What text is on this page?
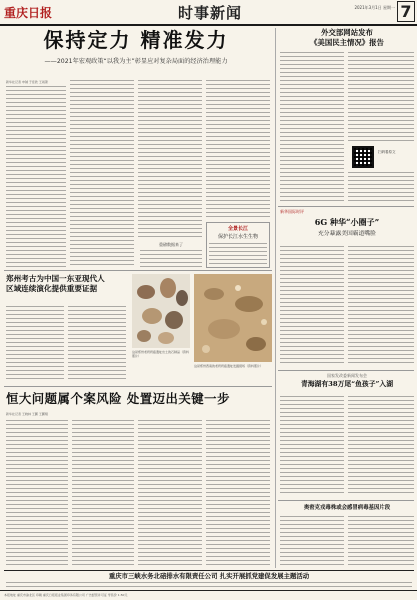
重庆日报	时事新闻	2021年3月1日 星期一 7
保持定力 精准发力
——2021年宏观政策“以我为主”彰显应对复杂局面的经济治理能力
新华社记者 申铖 于佳欣 王雨萧
重磅数据来了
全景长江
保护长江水生生物
郑州考古为中国一东亚现代人
区域连续演化提供重要证据
这是郑州老奶奶庙遗址出土的石制品（资料照片）
这是郑州西南的老奶奶庙遗址发掘现场（资料照片）
恒大问题属个案风险 处置迈出关键一步
新华社记者 王晓林 王鹏 王鹏翔
外交部网站发布
《美国民主情况》报告
扫码看原文
新华国际时评
6G 种华“小圈子”
充分暴露美国霸道嘴脸
国家发改委新闻发布会
青海湖有38万尾“鱼孩子”入湖
奥密克戎毒株或会感冒病毒基因片段
重庆市三峡水务北碚排水有限责任公司 扎实开展抓党建促发展主题活动
本报地址 重庆市渝北区 印刷 重庆日报报业集团印务有限公司 广告经营许可证 零售价 1.50元
